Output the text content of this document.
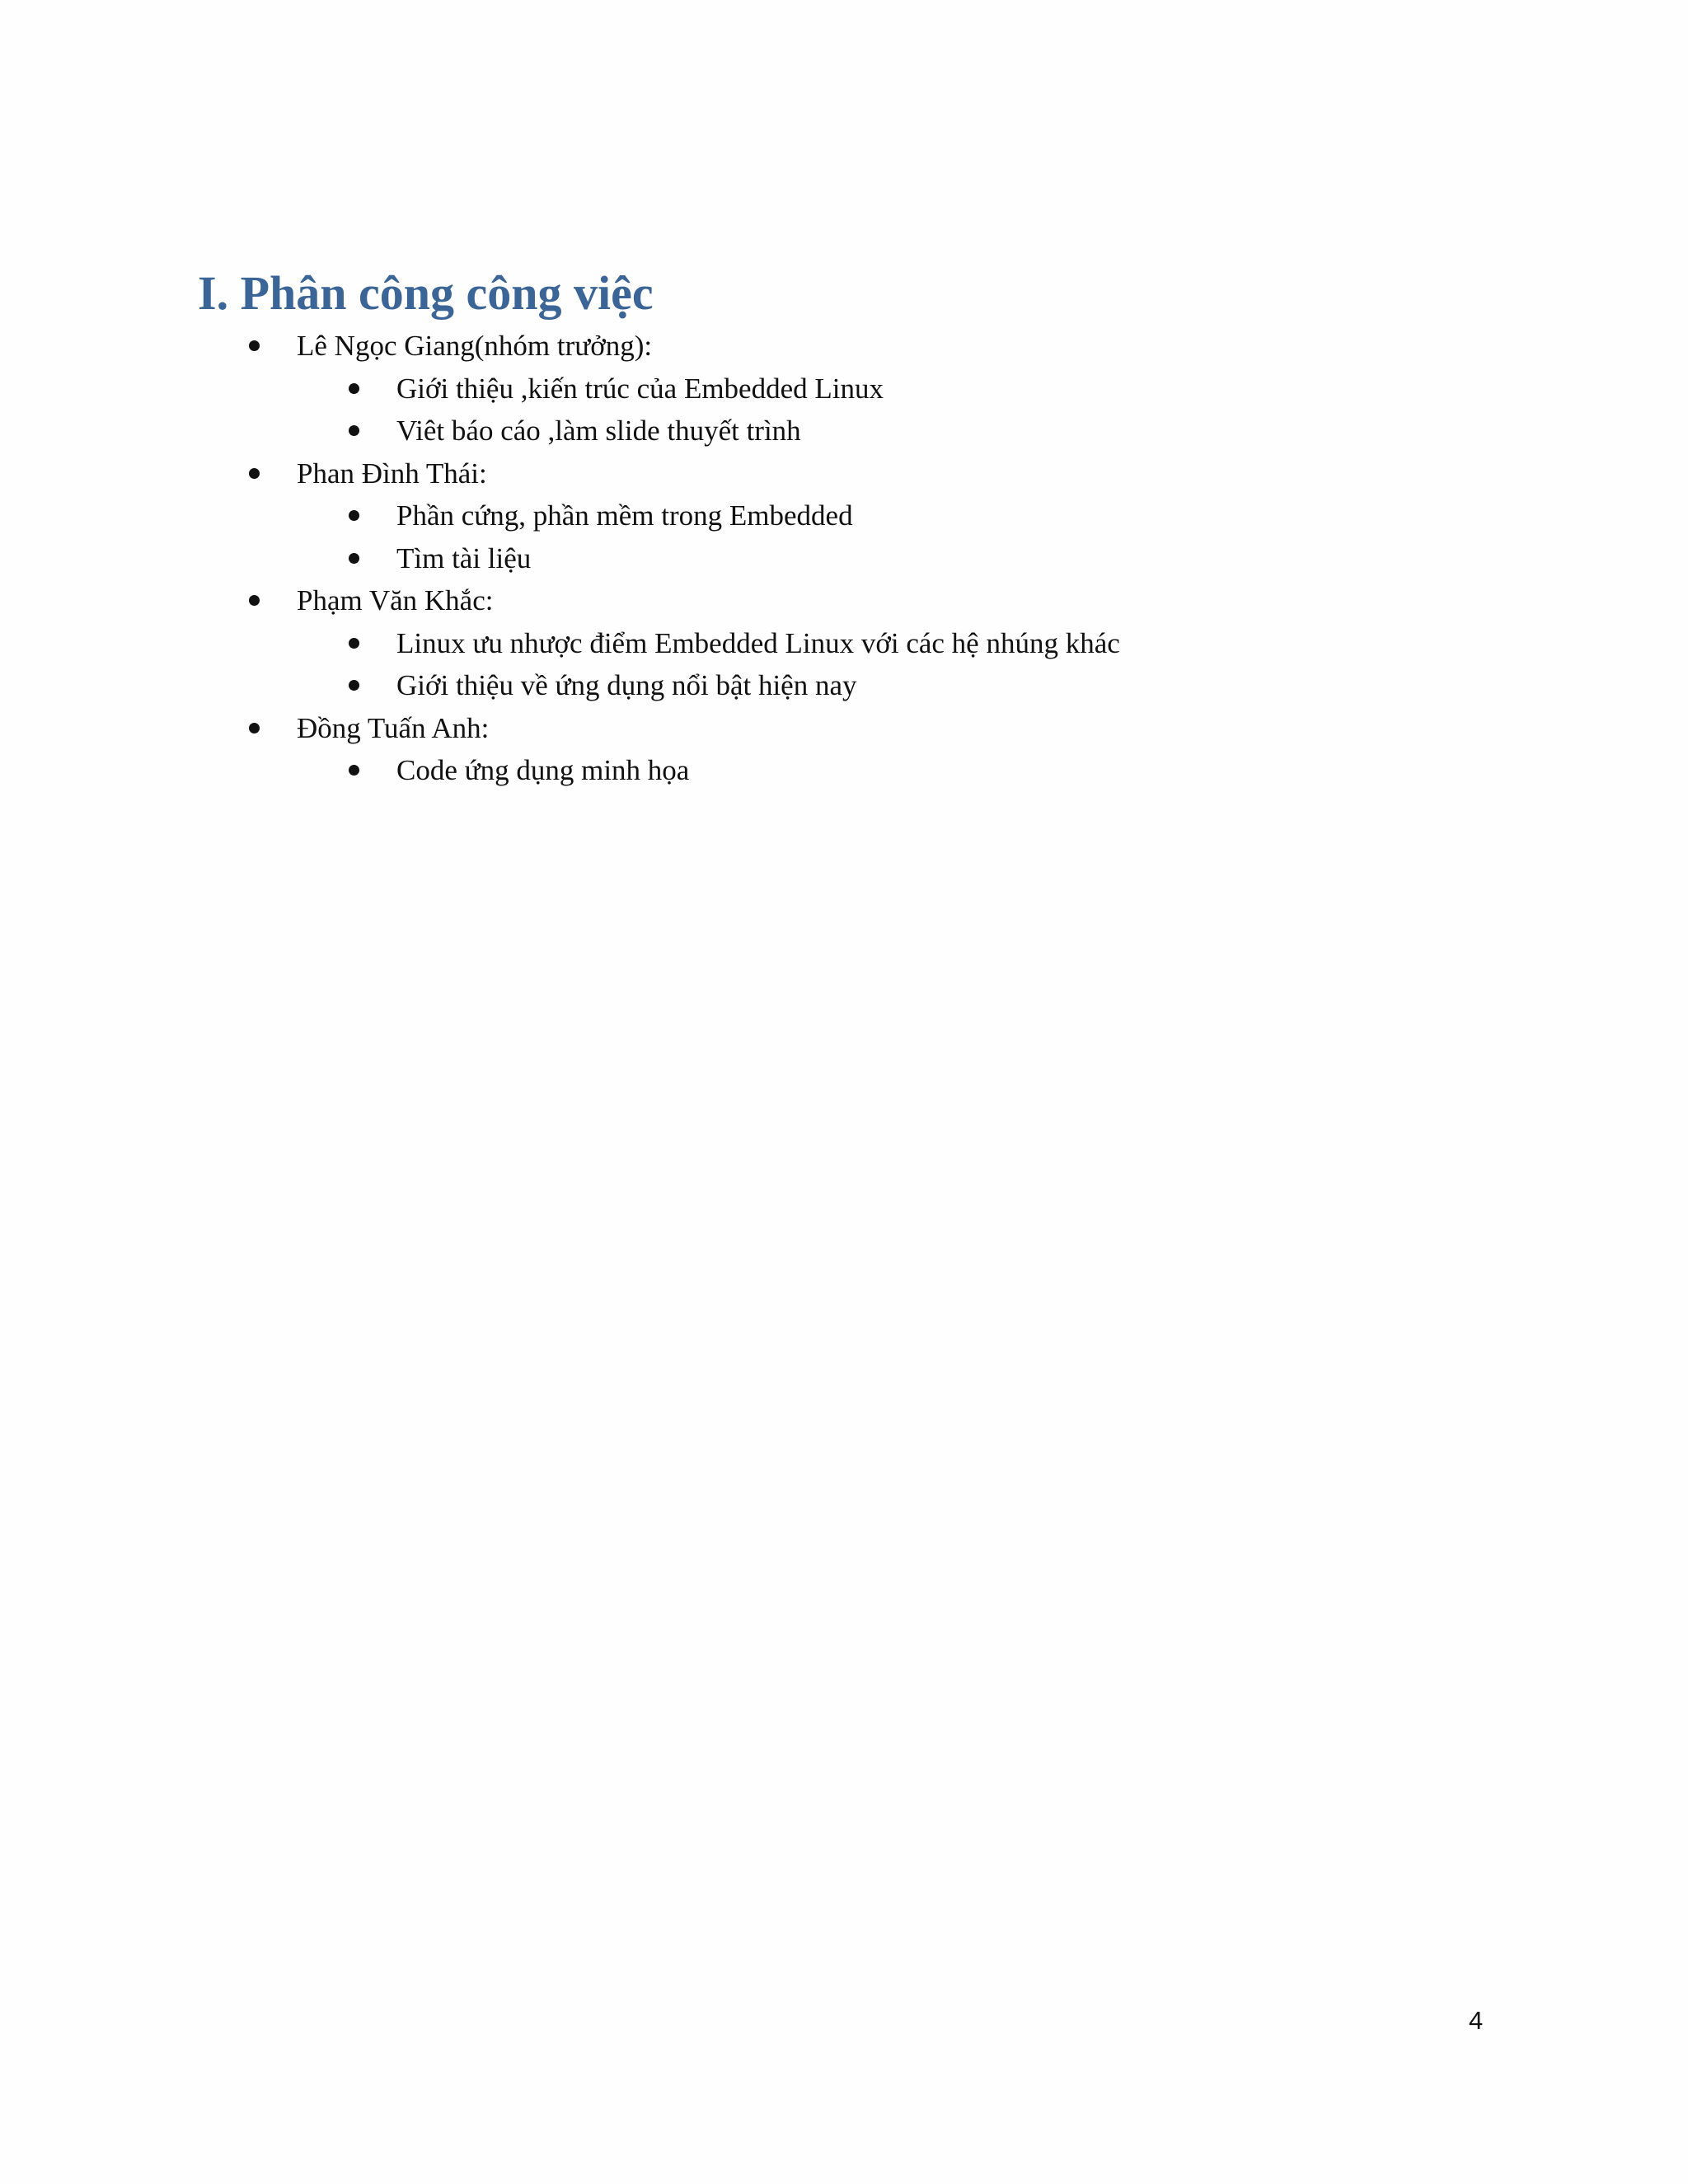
I. Phân công công việc
Lê Ngọc Giang(nhóm trưởng):
Giới thiệu ,kiến trúc của Embedded Linux
Viêt báo cáo ,làm slide thuyết trình
Phan Đình Thái:
Phần cứng, phần mềm trong Embedded
Tìm tài liệu
Phạm Văn Khắc:
Linux ưu nhược điểm Embedded Linux với các hệ nhúng khác
Giới thiệu về ứng dụng nổi bật hiện nay
Đồng Tuấn Anh:
Code ứng dụng minh họa
4
